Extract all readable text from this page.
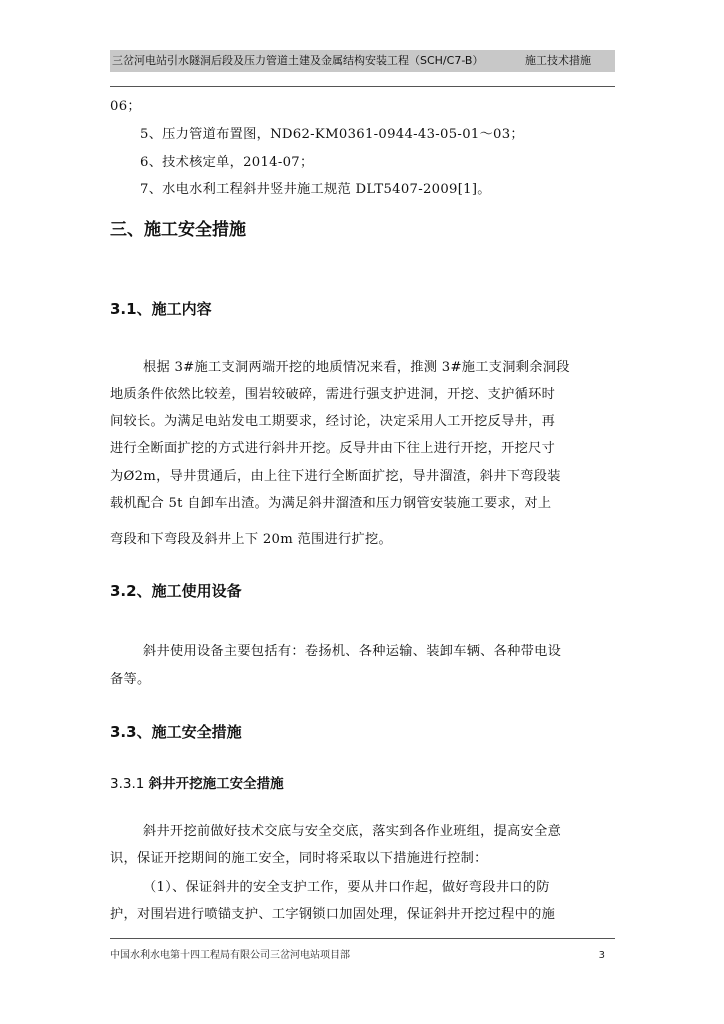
三岔河电站引水隧洞后段及压力管道土建及金属结构安装工程（SCH/C7-B）	施工技术措施
06；
5、压力管道布置图，ND62-KM0361-0944-43-05-01～03；
6、技术核定单，2014-07；
7、水电水利工程斜井竖井施工规范 DLT5407-2009[1]。
三、施工安全措施
3.1、施工内容
根据 3#施工支洞两端开挖的地质情况来看，推测 3#施工支洞剩余洞段
地质条件依然比较差，围岩较破碎，需进行强支护进洞，开挖、支护循环时
间较长。为满足电站发电工期要求，经讨论，决定采用人工开挖反导井，再
进行全断面扩挖的方式进行斜井开挖。反导井由下往上进行开挖，开挖尺寸
为Ø2m，导井贯通后，由上往下进行全断面扩挖，导井溜渣，斜井下弯段装
载机配合 5t 自卸车出渣。为满足斜井溜渣和压力钢管安装施工要求，对上
弯段和下弯段及斜井上下 20m 范围进行扩挖。
3.2、施工使用设备
斜井使用设备主要包括有：卷扬机、各种运输、装卸车辆、各种带电设
备等。
3.3、施工安全措施
3.3.1 斜井开挖施工安全措施
斜井开挖前做好技术交底与安全交底，落实到各作业班组，提高安全意
识，保证开挖期间的施工安全，同时将采取以下措施进行控制：
（1）、保证斜井的安全支护工作，要从井口作起，做好弯段井口的防
护，对围岩进行喷锚支护、工字钢锁口加固处理，保证斜井开挖过程中的施
中国水利水电第十四工程局有限公司三岔河电站项目部	3
